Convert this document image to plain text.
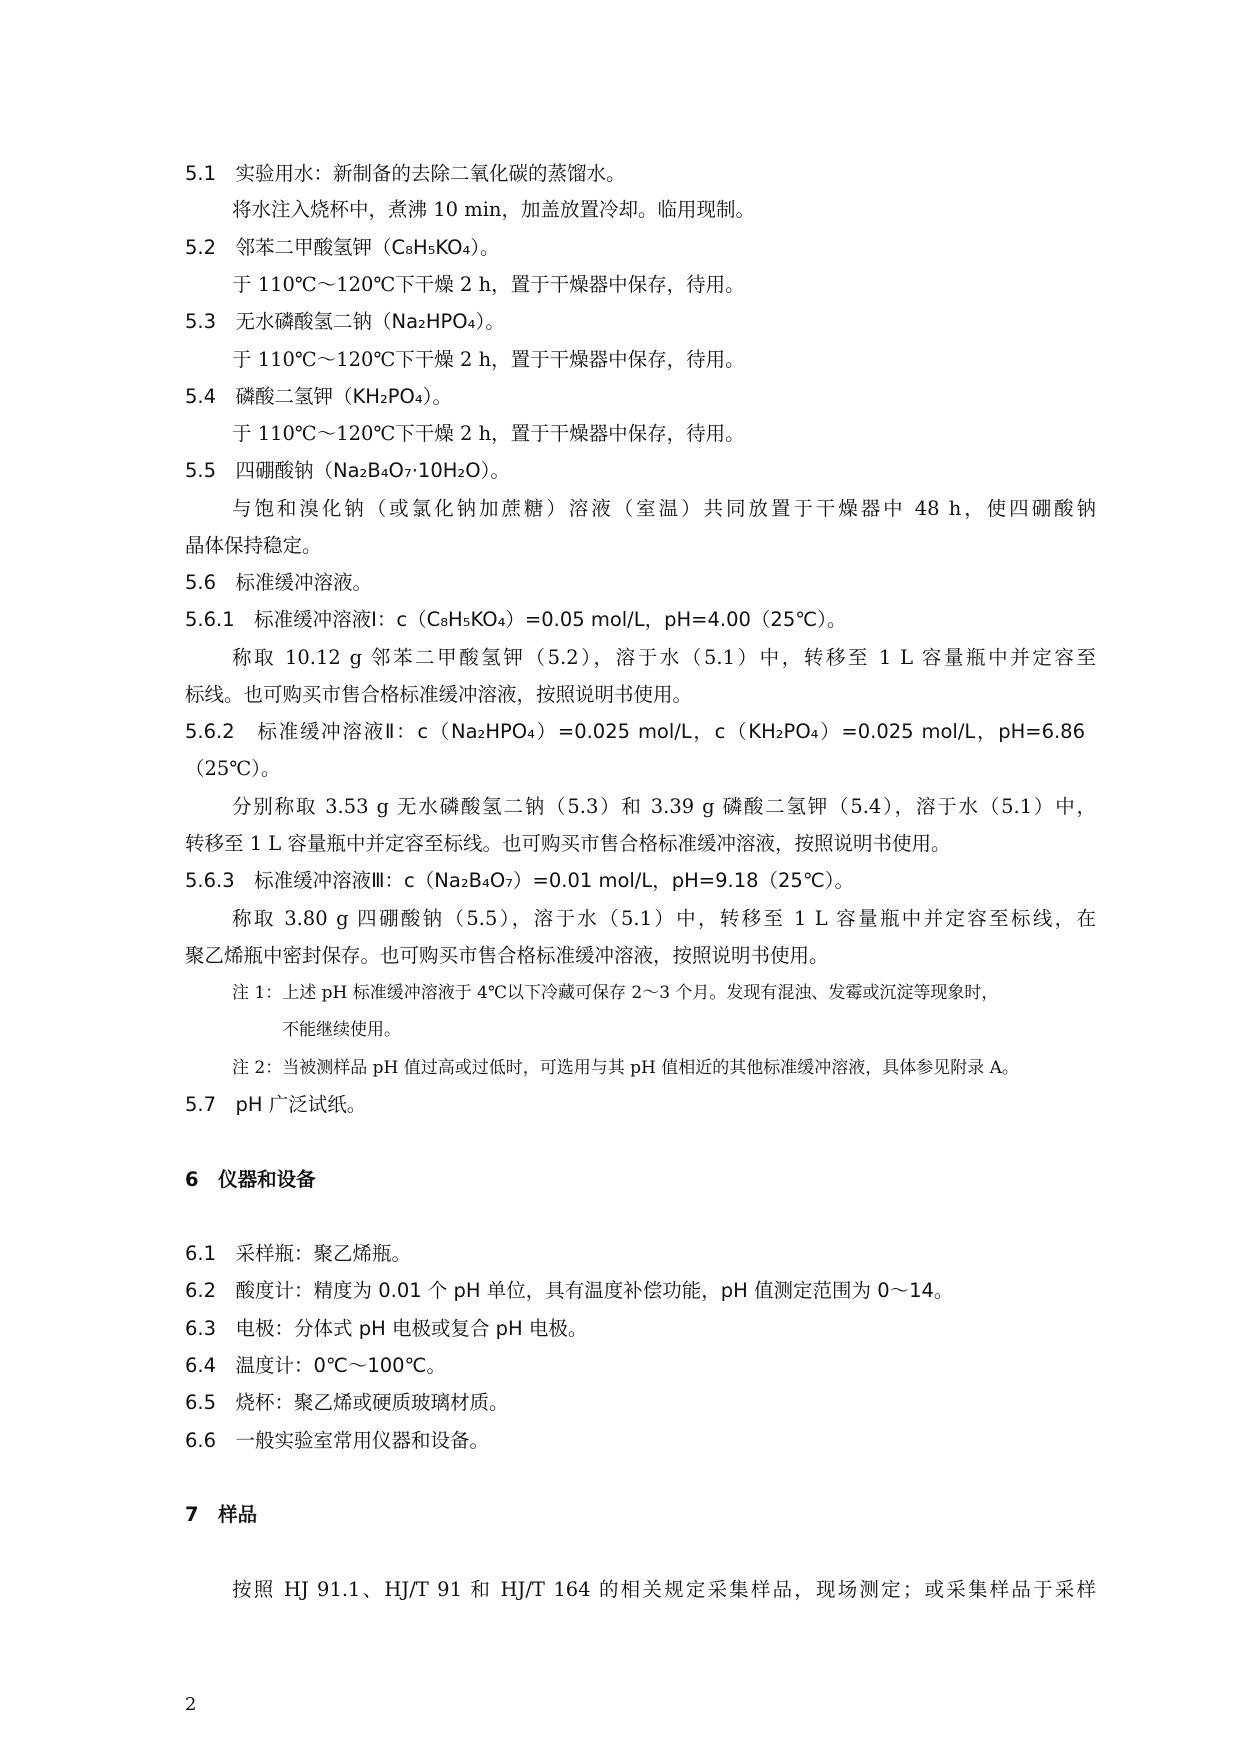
5.1　实验用水：新制备的去除二氧化碳的蒸馏水。
将水注入烧杯中，煮沸 10 min，加盖放置冷却。临用现制。
5.2　邻苯二甲酸氢钾（C₈H₅KO₄）。
于 110℃～120℃下干燥 2 h，置于干燥器中保存，待用。
5.3　无水磷酸氢二钠（Na₂HPO₄）。
于 110℃～120℃下干燥 2 h，置于干燥器中保存，待用。
5.4　磷酸二氢钾（KH₂PO₄）。
于 110℃～120℃下干燥 2 h，置于干燥器中保存，待用。
5.5　四硼酸钠（Na₂B₄O₇·10H₂O）。
与饱和溴化钠（或氯化钠加蔗糖）溶液（室温）共同放置于干燥器中 48 h，使四硼酸钠
晶体保持稳定。
5.6　标准缓冲溶液。
5.6.1　标准缓冲溶液Ⅰ：c（C₈H₅KO₄）=0.05 mol/L，pH=4.00（25℃）。
称取 10.12 g 邻苯二甲酸氢钾（5.2），溶于水（5.1）中，转移至 1 L 容量瓶中并定容至
标线。也可购买市售合格标准缓冲溶液，按照说明书使用。
5.6.2　标准缓冲溶液Ⅱ：c（Na₂HPO₄）=0.025 mol/L，c（KH₂PO₄）=0.025 mol/L，pH=6.86
（25℃）。
分别称取 3.53 g 无水磷酸氢二钠（5.3）和 3.39 g 磷酸二氢钾（5.4），溶于水（5.1）中，
转移至 1 L 容量瓶中并定容至标线。也可购买市售合格标准缓冲溶液，按照说明书使用。
5.6.3　标准缓冲溶液Ⅲ：c（Na₂B₄O₇）=0.01 mol/L，pH=9.18（25℃）。
称取 3.80 g 四硼酸钠（5.5），溶于水（5.1）中，转移至 1 L 容量瓶中并定容至标线，在
聚乙烯瓶中密封保存。也可购买市售合格标准缓冲溶液，按照说明书使用。
注 1：上述 pH 标准缓冲溶液于 4℃以下冷藏可保存 2～3 个月。发现有混浊、发霉或沉淀等现象时，
不能继续使用。
注 2：当被测样品 pH 值过高或过低时，可选用与其 pH 值相近的其他标准缓冲溶液，具体参见附录 A。
5.7　pH 广泛试纸。
6　仪器和设备
6.1　采样瓶：聚乙烯瓶。
6.2　酸度计：精度为 0.01 个 pH 单位，具有温度补偿功能，pH 值测定范围为 0～14。
6.3　电极：分体式 pH 电极或复合 pH 电极。
6.4　温度计：0℃～100℃。
6.5　烧杯：聚乙烯或硬质玻璃材质。
6.6　一般实验室常用仪器和设备。
7　样品
按照 HJ 91.1、HJ/T 91 和 HJ/T 164 的相关规定采集样品，现场测定；或采集样品于采样
2
